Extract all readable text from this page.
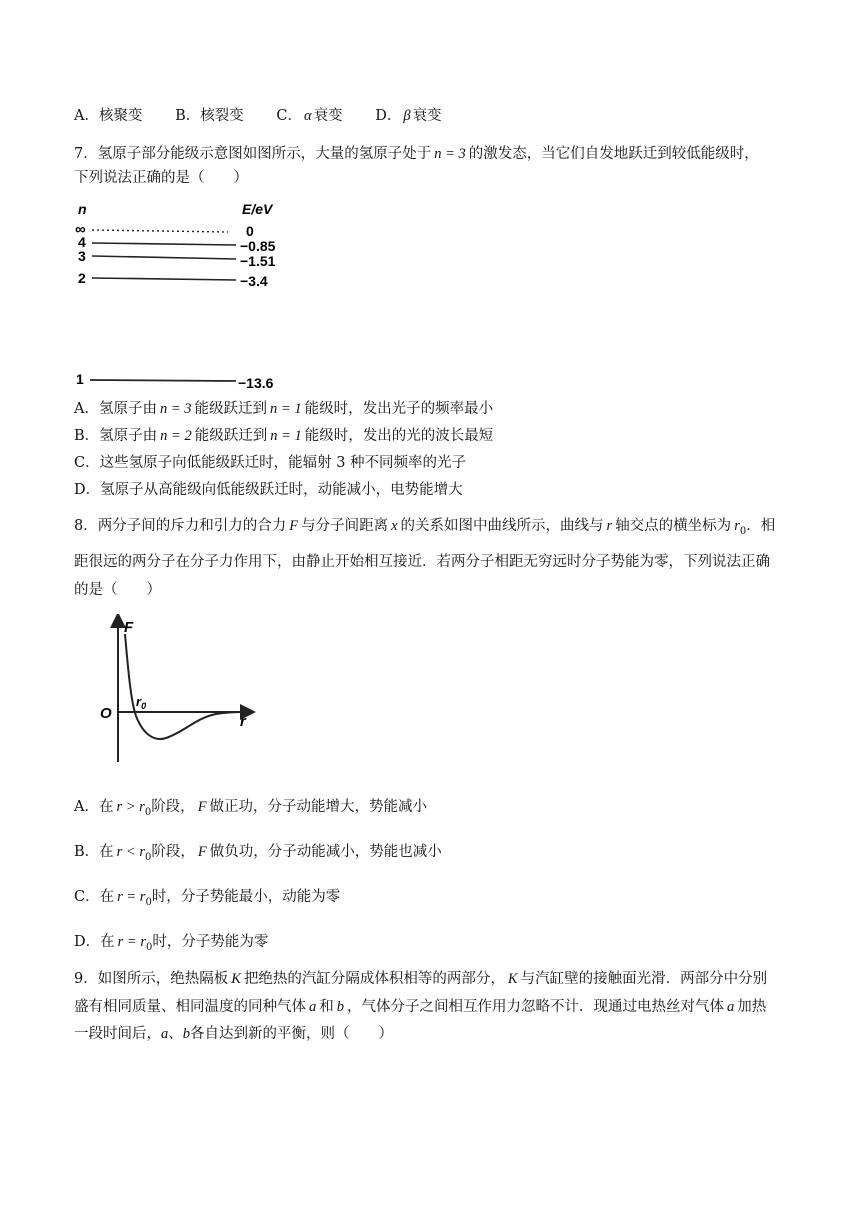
A．核聚变 B．核裂变 C． α 衰变 D． β 衰变
7．氢原子部分能级示意图如图所示，大量的氢原子处于 n = 3 的激发态，当它们自发地跃迁到较低能级时，
下列说法正确的是（　　）
n	E/eV
∞	0
4	−0.85
3	−1.51
2	−3.4
1	−13.6
A．氢原子由 n = 3 能级跃迁到 n = 1 能级时，发出光子的频率最小
B．氢原子由 n = 2 能级跃迁到 n = 1 能级时，发出的光的波长最短
C．这些氢原子向低能级跃迁时，能辐射 3 种不同频率的光子
D．氢原子从高能级向低能级跃迁时，动能减小，电势能增大
8．两分子间的斥力和引力的合力 F 与分子间距离 x 的关系如图中曲线所示，曲线与 r 轴交点的横坐标为 $r_0$．相
距很远的两分子在分子力作用下，由静止开始相互接近．若两分子相距无穷远时分子势能为零，下列说法正确
的是（　　）
F
O
$r_0$
r
A．在 $r > r_0$阶段， F 做正功，分子动能增大，势能减小
B．在 $r < r_0$阶段， F 做负功，分子动能减小，势能也减小
C．在 $r = r_0$时，分子势能最小，动能为零
D．在 $r = r_0$时，分子势能为零
9．如图所示，绝热隔板 K 把绝热的汽缸分隔成体积相等的两部分， K 与汽缸壁的接触面光滑．两部分中分别
盛有相同质量、相同温度的同种气体 a 和 b ，气体分子之间相互作用力忽略不计．现通过电热丝对气体 a 加热
一段时间后，a、b各自达到新的平衡，则（　　）
